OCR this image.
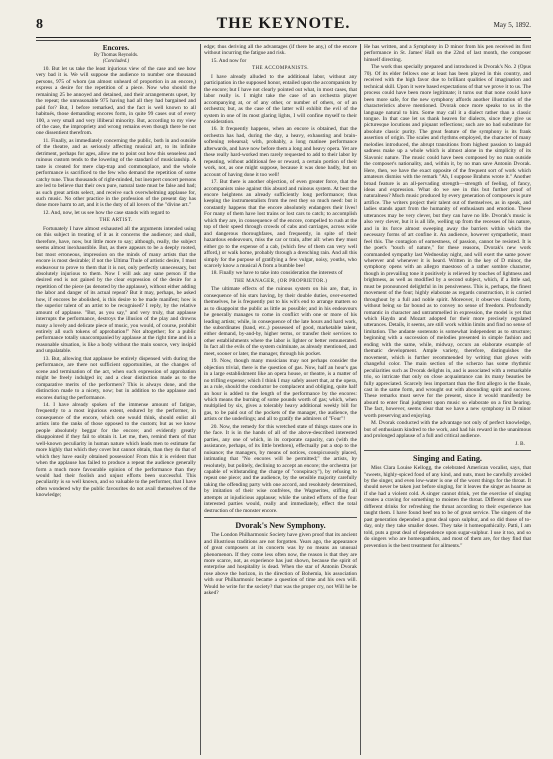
8	THE KEYNOTE.	May 5, 1892.

Encores.

By Thomas Reynolds.

(Concluded.)

10. But let us take the least injurious view of the case and see how very bad it is. We will suppose the audience to number one thousand persons, 975 of whom (an almost unheard of proportion in an encore,) express a desire for the repetition of a piece. Now who should the remaining 25 be annoyed and detained, and their arrangements upset, by the repeat; the unreasonable 975 having had all they had bargained and paid for? But, I before remarked, and the fact is well known to all habitués, those demanding encores form, in quite 99 cases out of every 100, a very small and very illiberal minority. But, according to my view of the case, the impropriety and wrong remains even though there be not one dissentient therefrom.

11. Finally, as immediately concerning the public, both in and outside of the theatre, and as seriously affecting musical art, to its infinite detriment, perhaps for ages, allow me to point out how this senseless and ruinous custom tends to the lowering of the standard of musicianship. A taste is created for mere clap-trap and commonplace, and the whole performance is sacrificed to the few who demand the repetition of some catchy tune. Thus thousands of right-minded, but inexpert concert persons are led to believe that their own pure, natural taste must be false and bad; as such great artists select, and receive such overwhelming applause for, such music. No other practice in the profession of the present day has done more harm to art, and it is the duty of all lovers of the "divine art."

12. And, now, let us see how the case stands with regard to

THE ARTIST.

Fortunately I have almost exhausted all the arguments intended using on this subject in treating of it as it concerns the audience; and shall, therefore, have, now, but little more to say; although, really, the subject seems almost inexhaustible. But, as there appears to be a deeply rooted, but most erroneous, impression on the minds of many artists that the encore is most desirable; if not the Ultima Thule of artistic desire, I must endeavour to prove to them that it is not, only perfectly unnecessary, but absolutely injurious to them. Now I will ask any sane person if the desired end is not gained by the clear expression of the desire for a repetition of the piece (as denoted by the applause), without either adding the labor and danger of its actual repeat? But it may, perhaps, be asked how, if encores be abolished, is this desire to be made manifest; how is the superior talent of an artist to be recognised? I reply, by the relative amount of applause. "But, as you say," and very truly, that applause interrupts the performance, destroys the illusion of the play and drowns many a lovely and delicate piece of music, you would, of course, prohibit entirely all such tokens of approbation!" Not altogether; for a public performance totally unaccompanied by applause at the right time and in a reasonable situation, is like a body without the main source, very insipid and unpalatable.

13. But, allowing that applause be entirely dispensed with during the performance, are there not sufficient opportunities, at the changes of scene and termination of the act, when such expression of approbation might be freely indulged in; and a clear distinction made as to the comparative merits of the performers? This is always done, and the distinction made to a nicety, now; but in addition to the applause and encores during the performance.

14. I have already spoken of the immense amount of fatigue, frequently to a most injurious extent, endured by the performer, in consequence of the encore, which one would think, should enlist all artists into the ranks of those opposed to the custom; but as we know people absolutely beggar for the encore; and evidently greatly disappointed if they fail to obtain it. Let me, then, remind them of that well-known peculiarity in human nature which leads men to estimate far more highly that which they covet but cannot obtain, than they do that of which they have easily obtained possession! From this it is evident that when the applause has failed to produce a repeat the audience generally form a much more favourable opinion of the performance than they would had their foolish and unjust efforts been successful. This peculiarity is so well known, and so valuable to the performer, that I have often wondered why the public favourites do not avail themselves of the knowledge;

edge; thus deriving all the advantages (if there be any,) of the encore without incurring the fatigue and risk.

15. And now for

THE ACCOMPANISTS.

I have already alluded to the additional labor, without any participation in the supposed honor, entailed upon the accompanists by the encore; but I have not clearly pointed out what, in most cases, that labor really is. I might take the case of an orchestra player accompanying at, or of any other, or number of others, or of an orchestra; but, as the case of the latter will exhibit the evil of the system in one of its most glaring lights, I will confine myself to their consideration.

16. It frequently happens, when an encore is obtained, that the orchestra has had, during the day, a heavy, exhausting and brain-softening rehearsal; with, probably, a long matinee performance afterwards, and have now before them a long and heavy opera. Yet are these really hard-worked men rarely requested to add to their labor by repeating, without additional fee or reward, a certain portion of their work, not, as one might suppose, because it was done badly, but on account of having done it too well!

17. But there is another objection, of even greater force, that the accompanists raise against this absurd and ruinous system. At best the encore heightens an already sufficiently long performance; thus keeping the instrumentalists from the rest they so much need: but it constantly happens that the encore absolutely endangers their lives! For many of them have lost trains or lost cars to catch; to accomplish which they are, in consequence of the encore, compelled to rush at the top of their speed through crowds of cabs and carriages, across wide and dangerous thoroughfares, and frequently, in spite of their hazardous endeavours, miss the car or train, after all: when they must either go to the expense of a cab, (which few of them can very well afford,) or walk home, probably through a drenching rain. And all this simply for the purpose of gratifying a few vulgar, noisy, youths, who scarcely know a musical A from a bumble bee!

18. Finally we have to take into consideration the interests of

THE MANAGER, (OR PROPRIETOR.)

The ultimate effects of the ruinous system on his are, that, in consequence of his stars having, by their double duties, over-exerted themselves, he is frequently put to his wit's end to arrange matters so as to disappoint the public as little as possible; and in his endeavours he generally manages to come in conflict with one or more of his leading artists; while, in consequence of the late hours and hard work, the subordinates (band, etc.,) possessed of good, marketable talent, either demand, by-and-by, higher terms, or transfer their services to other establishments where the labor is lighter or better remunerated. In fact all the evils of the system culminate, as already mentioned, and meet, sooner or later, the manager, through his pocket.

19. Now, though many musicians may not perhaps consider the objection trivial, there is the question of gas. Now, half an hour's gas in a large establishment like an opera house, or theatre, is a matter of no trifling expense; which I think I may safely assert that, at the opera, as a rule, should the conductor be complacent and obliging, quite half an hour is added to the length of the performance by the encores: which means the burning of some pounds worth of gas; which, when multiplied by six, gives a tolerably heavy additional weekly bill for gas, to be paid out of the pockets of the manager, the audience, the artists or the underlings; and all to gratify the admirers of "Four"!

20. Now, the remedy for this wretched state of things stares one in the face. It is in the hands of all of the above-described interested parties, any one of which, in its corporate capacity, can (with the assistance, perhaps, of its little brethren), effectually put a stop to the nuisance; the managers, by means of notices, conspicuously placed, intimating that "No encores will be permitted;" the artists, by resolutely, but politely, declining to accept an encore; the orchestra (or capable of withstanding the charge of "conspiracy"), by refusing to repeat one piece; and the audience, by the sensible majority carefully taking the offending party with one accord, and resolutely determined, by imitation of their wise confrères, the Wagnerites, stifling all attempts at injudicious applause; while the united efforts of the four interested parties would, really and immediately, effect the total destruction of the monster encore.

Dvorak's New Symphony.

The London Philharmonic Society have given proof that its ancient and illustrious traditions are not forgotten. Years ago, the appearance of great composers at its concerts was by no means an unusual phenomenon. If they come less often now, the reason is that they are more scarce, not, as experience has just shown, because the spirit of enterprise and hospitality is dead. When the star of Antonin Dvorak rose above the horizon, in the direction of Bohemia, his association with our Philharmonic became a question of time and his own will. Would he write for the society? that was the proper cry, not Will he be asked?

He has written, and a Symphony in D minor from his pen received its first performance in St. James' Hall on the 22nd of last month, the composer himself directing.

The work thus specially prepared and introduced is Dvorak's No. 2 (Opus 70). Of its elder fellows one at least has been played in this country, and received with the high favor due to brilliant qualities of imagination and technical skill. Upon it were based expectations of that we prove it to us. The process could have been more legitimate; it turns out that none could have been more safe, for the new symphony affords another illustration of the characteristics above mentioned. Dvorak once more speaks to us in the language natural to him. Some may call it a dialect rather than a classic tongue. In that case let us thank heaven for dialects, since they give us picturesque locutions and piquant reflections; such are no bad substitute for absolute classic purity. The great feature of the symphony is its frank assertion of origin. The scales and rhythms employed, the character of many melodies introduced, the abrupt transitions from highest passion to languid sadness make up a whole which is almost alone in the simplicity of its Slavonic nature. The music could have been composed by no man outside the composer's nationality, and, within it, by no man save Antonin Dvorak. Here, then, we have the exact opposite of the frequent sort of work which amateurs dismiss with the remark "Ah, I suppose Brahms wrote it." Another broad feature is an all-pervading strength—strength of feeling, of fancy, ideas and expression. What do we see in this but further proof of naturalness? Much music produced by every generation of composers is pure artifice. The writers project their talent out of themselves, as in speak, and ladies stands apart from the humanity of enthusiasm and emotion. These utterances may be very clever, but they can have no life. Dvorak's music is also very clever, but it is all life, welling up from the recesses of his nature, and in its force almost sweeping away the barriers within which the necessary forms of art confine it. An audience, however sympathetic, must feel this. The contagion of earnestness, of passion, cannot be resisted. It is the poet's "touch of nature," for these reasons, Dvorak's new work commanded sympathy last Wednesday night, and will exert the same power wherever and whenever it is heard. Written in the key of D minor, the symphony opens with an allegro maestoso of a rather sombre character, though in prevailing tone it positively is relieved by touches of lightness and brightness, as well as modified by a second subject, which, if a little sad, must be pronounced delightful in its pensiveness. This is, perhaps, the finest movement of the four; highly elaborate as regards construction, it is carried throughout by a full and noble spirit. Moreover, it observes classic form, without being so far bound as to convey no sense of freedom. Profoundly romantic in character and untrammelled in expression, the model is yet that which Haydn and Mozart adopted for their more precisely regulated utterances. Details, it seems, are still work within limits and find no sense of limitation. The andante sostenuto is somewhat independent as to structure; beginning with a succession of melodies presented in simple fashion and ending with the same, while, midway, occurs an elaborate example of thematic development. Ample variety, therefore, distinguishes the movement, which is further recommended by writing that glows with changeful color. The main section of the scherzo has some rhythmic peculiarities such as Dvorak delights in, and is associated with a remarkable trio, so intricate that only on close acquaintance can its many beauties be fully appreciated. Scarcely less important than the first allegro is the finale, cast in the same form, and wrought out with abounding spirit and success. These remarks must serve for the present, since it would manifestly be absurd to enter final judgment upon music so elaborate on a first hearing. The fact, however, seems clear that we have a new symphony in D minor worth preserving and enjoying.

M. Dvorak conducted with the advantage not only of perfect knowledge, but of enthusiasm kindred to the work, and had his reward in the unanimous and prolonged applause of a full and critical audience.

J. B.

Singing and Eating.

Miss Clara Louise Kellogg, the celebrated American vocalist, says, that "sweets, highly-spiced food of any kind, and nuts, must be carefully avoided by the singer, and even low-water is one of the worst things for the throat. It should never be taken just before singing, for it leaves the singer as hoarse as if she had a violent cold. A singer cannot drink, yet the exercise of singing creates a craving for something to moisten the throat. Different singers use different drinks for refreshing the throat according to their experience has taught them. I have found beef tea to be of great service. The singers of the past generation depended a great deal upon sulphur, and so did those of to-day, only they take smaller doses. They take it homeopathically. Patti, I am told, puts a great deal of dependence upon sugar-sulphur. I use it too, and so do singers who are homeopathists, and most of them are, for they find that prevention is the best treatment for ailments."
